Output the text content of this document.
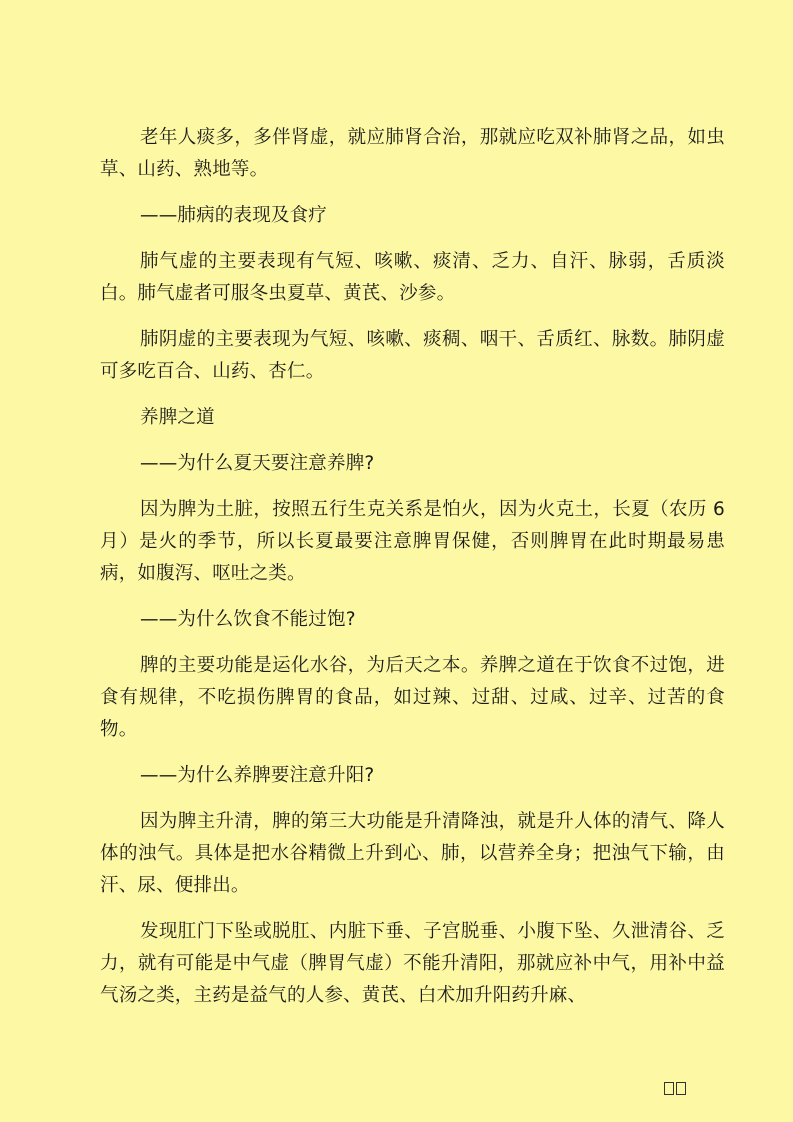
老年人痰多，多伴肾虚，就应肺肾合治，那就应吃双补肺肾之品，如虫草、山药、熟地等。

——肺病的表现及食疗

肺气虚的主要表现有气短、咳嗽、痰清、乏力、自汗、脉弱，舌质淡白。肺气虚者可服冬虫夏草、黄芪、沙参。

肺阴虚的主要表现为气短、咳嗽、痰稠、咽干、舌质红、脉数。肺阴虚可多吃百合、山药、杏仁。

养脾之道

——为什么夏天要注意养脾?

因为脾为土脏，按照五行生克关系是怕火，因为火克土，长夏（农历 6 月）是火的季节，所以长夏最要注意脾胃保健，否则脾胃在此时期最易患病，如腹泻、呕吐之类。

——为什么饮食不能过饱?

脾的主要功能是运化水谷，为后天之本。养脾之道在于饮食不过饱，进食有规律，不吃损伤脾胃的食品，如过辣、过甜、过咸、过辛、过苦的食物。

——为什么养脾要注意升阳?

因为脾主升清，脾的第三大功能是升清降浊，就是升人体的清气、降人体的浊气。具体是把水谷精微上升到心、肺，以营养全身；把浊气下输，由汗、尿、便排出。

发现肛门下坠或脱肛、内脏下垂、子宫脱垂、小腹下坠、久泄清谷、乏力，就有可能是中气虚（脾胃气虚）不能升清阳，那就应补中气，用补中益气汤之类，主药是益气的人参、黄芪、白术加升阳药升麻、
